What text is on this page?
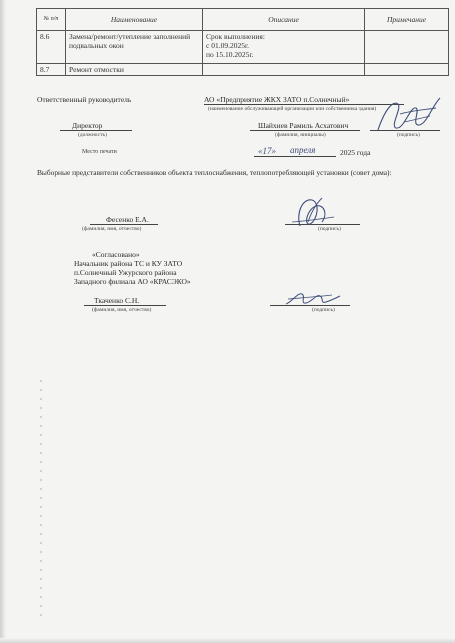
№ п/п	Наименование	Описание	Примечание
8.6	Замена/ремонт/утепление заполнений подвальных окон	Срок выполнения:
с 01.09.2025г.
по 15.10.2025г.	

8.7	Ремонт отмостки		
Ответственный руководитель	АО «Предприятие ЖКХ ЗАТО п.Солнечный»
(наименование обслуживающей организации или собственника здания)
Директор
(должность)
Шайхиев Рамиль Асхатович
(фамилия, инициалы)	(подпись)
Место печати	«17» апреля	2025 года
Выборные представители собственников объекта теплоснабжения, теплопотребляющей установки (совет дома):
Фесенко Е.А.
(фамилия, имя, отчество)	(подпись)
«Согласовано»
Начальник района ТС и КУ ЗАТО
п.Солнечный Ужурского района
Западного филиала АО «КРАСЭКО»
Ткаченко С.Н.
(фамилия, имя, отчество)	(подпись)
